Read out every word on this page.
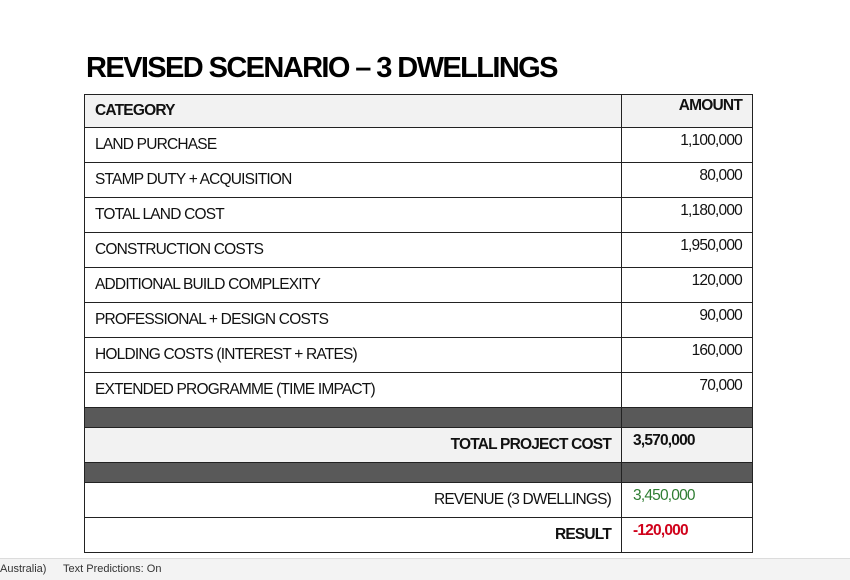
REVISED SCENARIO – 3 DWELLINGS
CATEGORY	AMOUNT
LAND PURCHASE	1,100,000
STAMP DUTY + ACQUISITION	80,000
TOTAL LAND COST	1,180,000
CONSTRUCTION COSTS	1,950,000
ADDITIONAL BUILD COMPLEXITY	120,000
PROFESSIONAL + DESIGN COSTS	90,000
HOLDING COSTS (INTEREST + RATES)	160,000
EXTENDED PROGRAMME (TIME IMPACT)	70,000

TOTAL PROJECT COST	3,570,000

REVENUE (3 DWELLINGS)	3,450,000
RESULT	-120,000
Australia) Text Predictions: On
